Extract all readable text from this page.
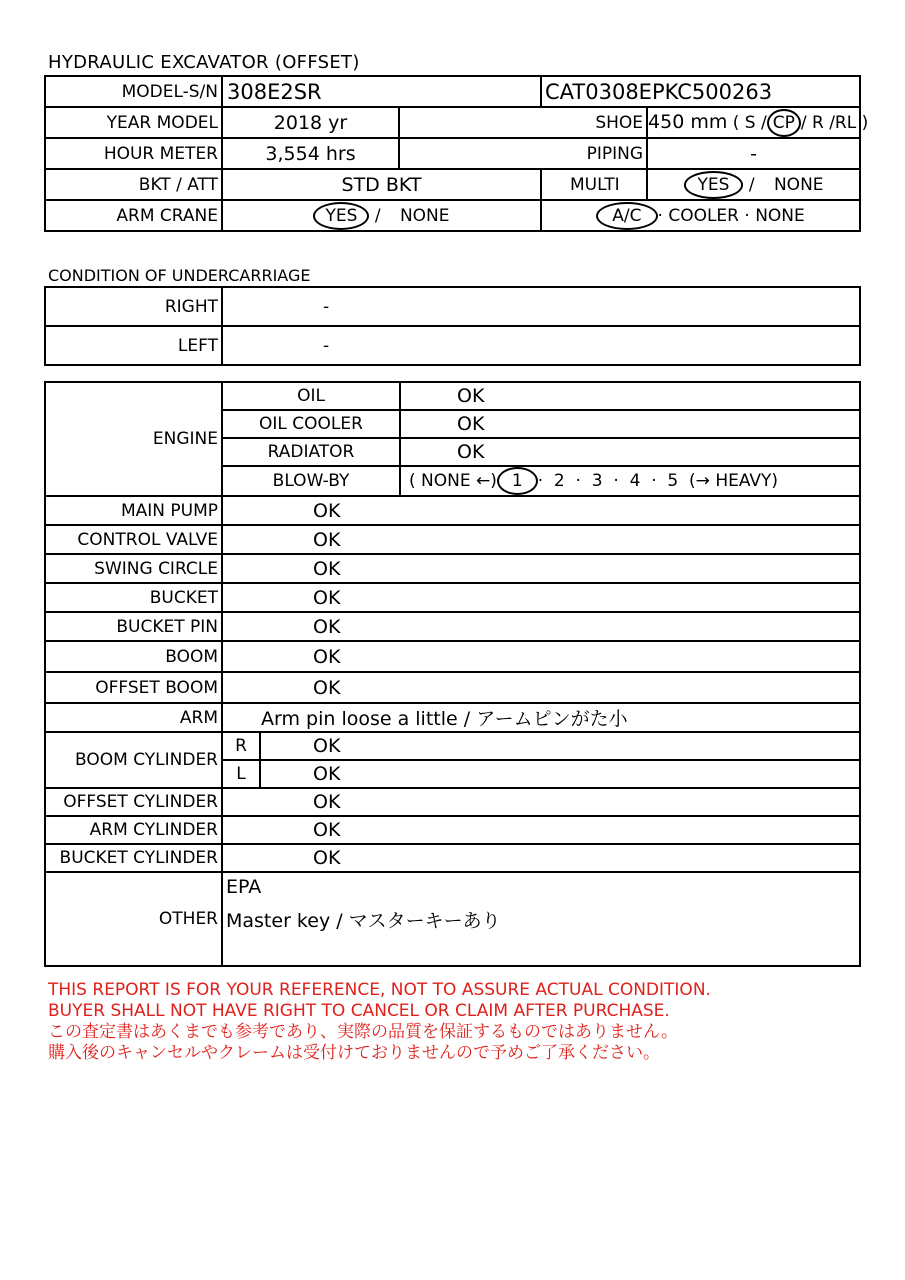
HYDRAULIC EXCAVATOR (OFFSET)
MODEL-S/N	308E2SR		CAT0308EPKC500263	
YEAR MODEL	2018 yr	SHOE		450 mm ( S / CP / R /RL )
HOUR METER	3,554 hrs	PIPING		-
BKT / ATT	STD BKT		MULTI	YES / NONE
ARM CRANE	YES / NONE		A/C · COOLER · NONE	
CONDITION OF UNDERCARRIAGE
RIGHT	-
LEFT	-
ENGINE	OIL		OK
	OIL COOLER		OK
	RADIATOR		OK
	BLOW-BY		( NONE ←) 1 ·  2  ·  3  ·  4  ·  5  (→ HEAVY)
MAIN PUMP	OK		
CONTROL VALVE	OK		
SWING CIRCLE	OK		
BUCKET	OK		
BUCKET PIN	OK		
BOOM	OK		
OFFSET BOOM	OK		
ARM	Arm pin loose a little / アームピンがた小		
BOOM CYLINDER	R	OK	
	L	OK	
OFFSET CYLINDER	OK		
ARM CYLINDER	OK		
BUCKET CYLINDER	OK		
OTHER	EPA
Master key / マスターキーあり		
THIS REPORT IS FOR YOUR REFERENCE, NOT TO ASSURE ACTUAL CONDITION.
BUYER SHALL NOT HAVE RIGHT TO CANCEL OR CLAIM AFTER PURCHASE.
この査定書はあくまでも参考であり、実際の品質を保証するものではありません。
購入後のキャンセルやクレームは受付けておりませんので予めご了承ください。
